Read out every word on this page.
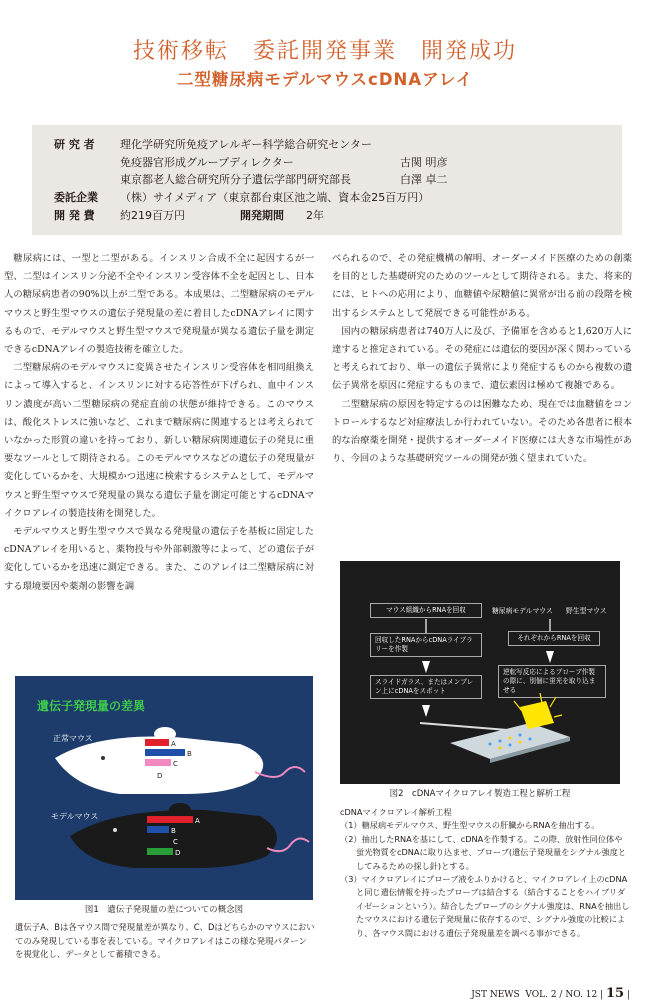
技術移転　委託開発事業　開発成功
二型糖尿病モデルマウスcDNAアレイ
研 究 者 理化学研究所免疫アレルギー科学総合研究センター
免疫器官形成グループディレクター	古関 明彦
東京都老人総合研究所分子遺伝学部門研究部長	白澤 卓二
委託企業 （株）サイメディア（東京都台東区池之端、資本金25百万円）
開 発 費 約219百万円	開発期間 2年

糖尿病には、一型と二型がある。インスリン合成不全に起因するが一型、二型はインスリン分泌不全やインスリン受容体不全を起因とし、日本人の糖尿病患者の90%以上が二型である。本成果は、二型糖尿病のモデルマウスと野生型マウスの遺伝子発現量の差に着目したcDNAアレイに関するもので、モデルマウスと野生型マウスで発現量が異なる遺伝子量を測定できるcDNAアレイの製造技術を確立した。

二型糖尿病のモデルマウスに変異させたインスリン受容体を相同組換えによって導入すると、インスリンに対する応答性が下げられ、血中インスリン濃度が高い二型糖尿病の発症直前の状態が維持できる。このマウスは、酸化ストレスに強いなど、これまで糖尿病に関連するとは考えられていなかった形質の違いを持っており、新しい糖尿病関連遺伝子の発見に重要なツールとして期待される。このモデルマウスなどの遺伝子の発現量が変化しているかを、大規模かつ迅速に検索するシステムとして、モデルマウスと野生型マウスで発現量の異なる遺伝子量を測定可能とするcDNAマイクロアレイの製造技術を開発した。

モデルマウスと野生型マウスで異なる発現量の遺伝子を基板に固定したcDNAアレイを用いると、薬物投与や外部刺激等によって、どの遺伝子が変化しているかを迅速に測定できる。また、このアレイは二型糖尿病に対する環境要因や薬剤の影響を調

べられるので、その発症機構の解明、オーダーメイド医療のための創薬を目的とした基礎研究のためのツールとして期待される。また、将来的には、ヒトへの応用により、血糖値や尿糖値に異常が出る前の段階を検出するシステムとして発展できる可能性がある。

国内の糖尿病患者は740万人に及び、予備軍を含めると1,620万人に達すると推定されている。その発症には遺伝的要因が深く関わっていると考えられており、単一の遺伝子異常により発症するものから複数の遺伝子異常を原因に発症するものまで、遺伝素因は極めて複雑である。

二型糖尿病の原因を特定するのは困難なため、現在では血糖値をコントロールするなど対症療法しか行われていない。そのため各患者に根本的な治療薬を開発・提供するオーダーメイド医療には大きな市場性があり、今回のような基礎研究ツールの開発が強く望まれていた。

遺伝子発現量の差異
正常マウス
A
B
C
D
モデルマウス	A
B
C
D
図1　遺伝子発現量の差についての概念図
遺伝子A、Bは各マウス間で発現量差が異なり、C、Dはどちらかのマウスにおいてのみ発現している事を表している。マイクロアレイはこの様な発現パターンを視覚化し、データとして蓄積できる。
マウス組織からRNAを回収	糖尿病モデルマウス 野生型マウス
それぞれからRNAを回収
回収したRNAからcDNAライブラリーを作製
スライドガラス、またはメンブレン上にcDNAをスポット
逆転写反応によるプローブ作製の際に、別個に蛍光を取り込ませる
図2　cDNAマイクロアレイ製造工程と解析工程
cDNAマイクロアレイ解析工程
（1）糖尿病モデルマウス、野生型マウスの肝臓からRNAを抽出する。
（2）抽出したRNAを基にして、cDNAを作製する。この際、放射性同位体や蛍光物質をcDNAに取り込ませ、プローブ(遺伝子発現量をシグナル強度としてみるための探し針)とする。
（3）マイクロアレイにプローブ液をふりかけると、マイクロアレイ上のcDNAと同じ遺伝情報を持ったプローブは結合する（結合することをハイブリダイゼーションという）。結合したプローブのシグナル強度は、RNAを抽出したマウスにおける遺伝子発現量に依存するので、シグナル強度の比較により、各マウス間における遺伝子発現量差を調べる事ができる。
JST NEWS  VOL. 2 / NO. 12 | 15 |
